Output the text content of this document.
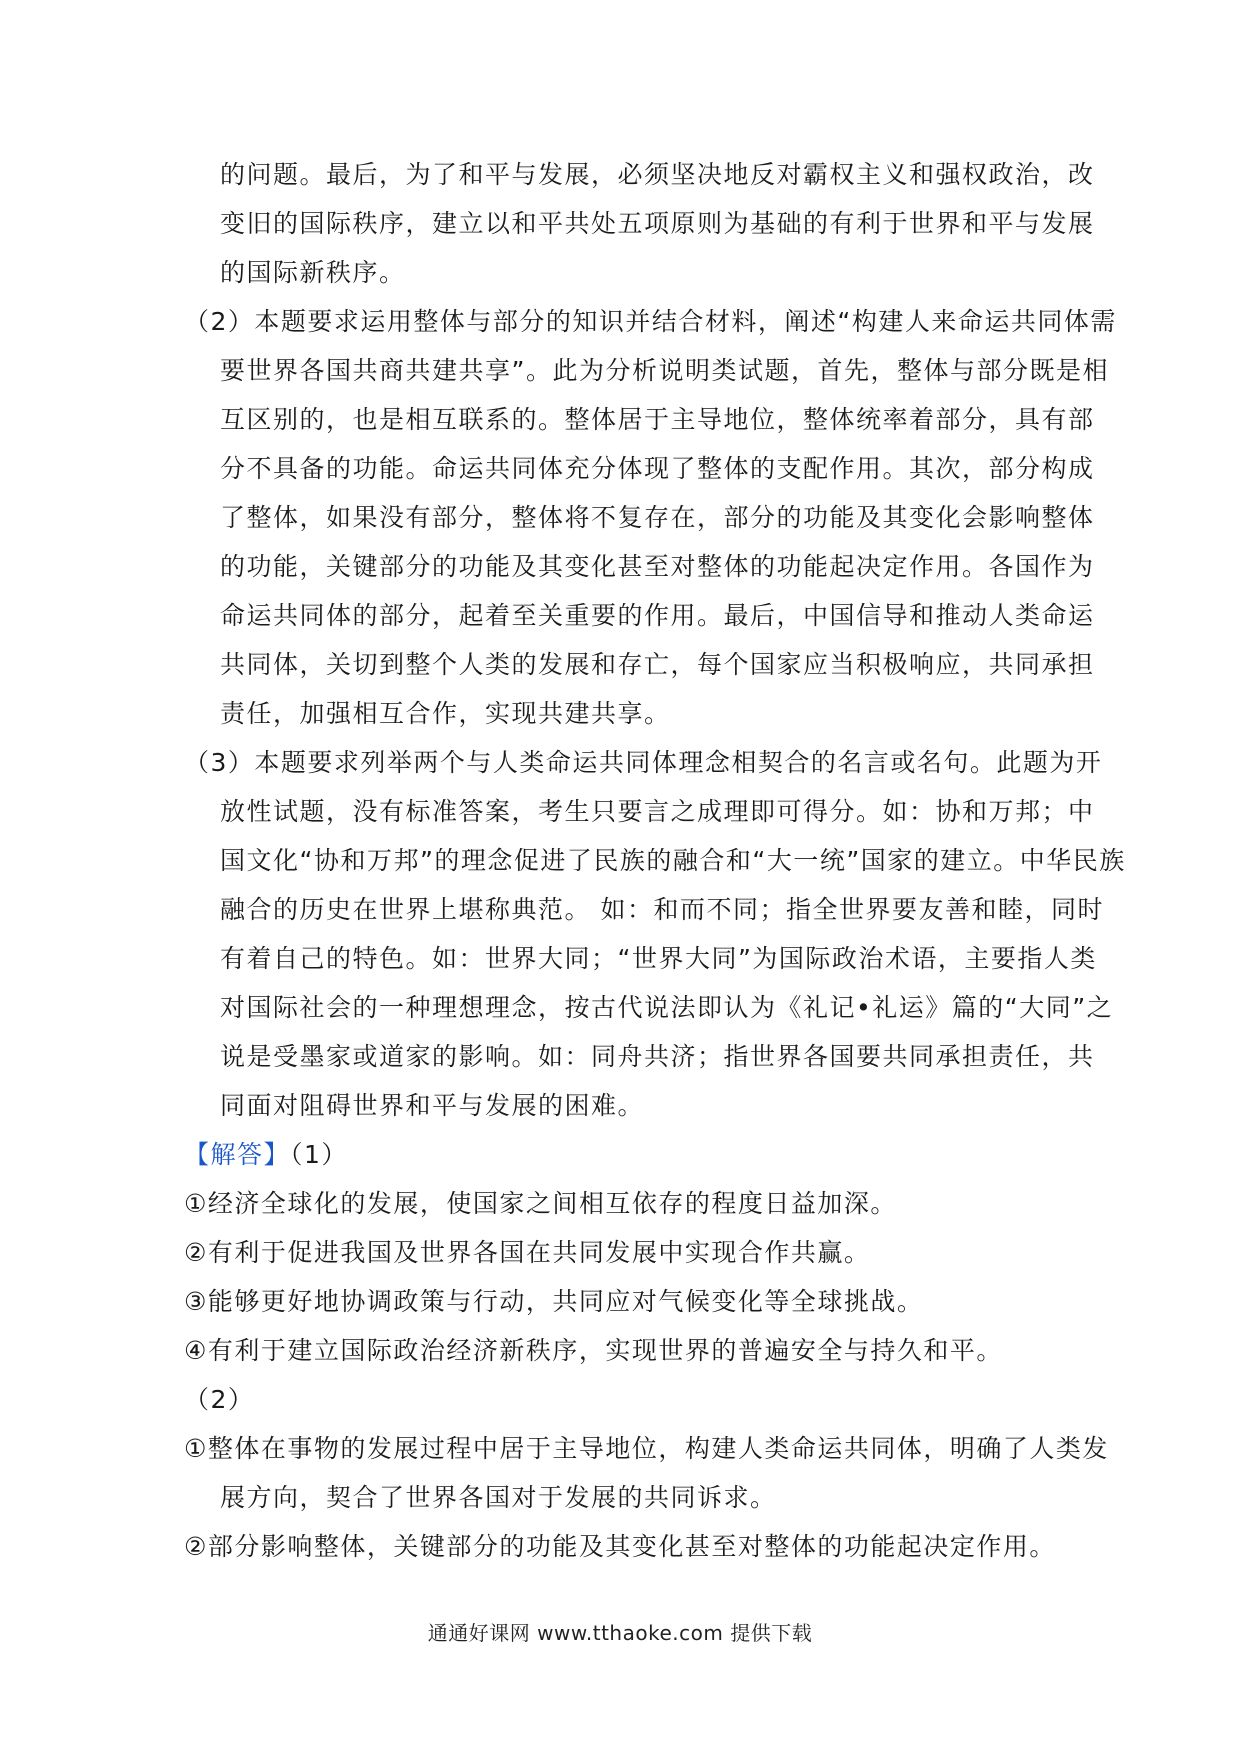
的问题。最后，为了和平与发展，必须坚决地反对霸权主义和强权政治，改
变旧的国际秩序，建立以和平共处五项原则为基础的有利于世界和平与发展
的国际新秩序。
（2）本题要求运用整体与部分的知识并结合材料，阐述“构建人来命运共同体需
要世界各国共商共建共享”。此为分析说明类试题，首先，整体与部分既是相
互区别的，也是相互联系的。整体居于主导地位，整体统率着部分，具有部
分不具备的功能。命运共同体充分体现了整体的支配作用。其次，部分构成
了整体，如果没有部分，整体将不复存在，部分的功能及其变化会影响整体
的功能，关键部分的功能及其变化甚至对整体的功能起决定作用。各国作为
命运共同体的部分，起着至关重要的作用。最后，中国信导和推动人类命运
共同体，关切到整个人类的发展和存亡，每个国家应当积极响应，共同承担
责任，加强相互合作，实现共建共享。
（3）本题要求列举两个与人类命运共同体理念相契合的名言或名句。此题为开
放性试题，没有标准答案，考生只要言之成理即可得分。如：协和万邦；中
国文化“协和万邦”的理念促进了民族的融合和“大一统”国家的建立。中华民族
融合的历史在世界上堪称典范。 如：和而不同；指全世界要友善和睦，同时
有着自己的特色。如：世界大同；“世界大同”为国际政治术语，主要指人类
对国际社会的一种理想理念，按古代说法即认为《礼记•礼运》篇的“大同”之
说是受墨家或道家的影响。如：同舟共济；指世界各国要共同承担责任，共
同面对阻碍世界和平与发展的困难。
【解答】（1）
①经济全球化的发展，使国家之间相互依存的程度日益加深。
②有利于促进我国及世界各国在共同发展中实现合作共赢。
③能够更好地协调政策与行动，共同应对气候变化等全球挑战。
④有利于建立国际政治经济新秩序，实现世界的普遍安全与持久和平。
（2）
①整体在事物的发展过程中居于主导地位，构建人类命运共同体，明确了人类发
展方向，契合了世界各国对于发展的共同诉求。
②部分影响整体，关键部分的功能及其变化甚至对整体的功能起决定作用。
通通好课网 www.tthaoke.com 提供下载
